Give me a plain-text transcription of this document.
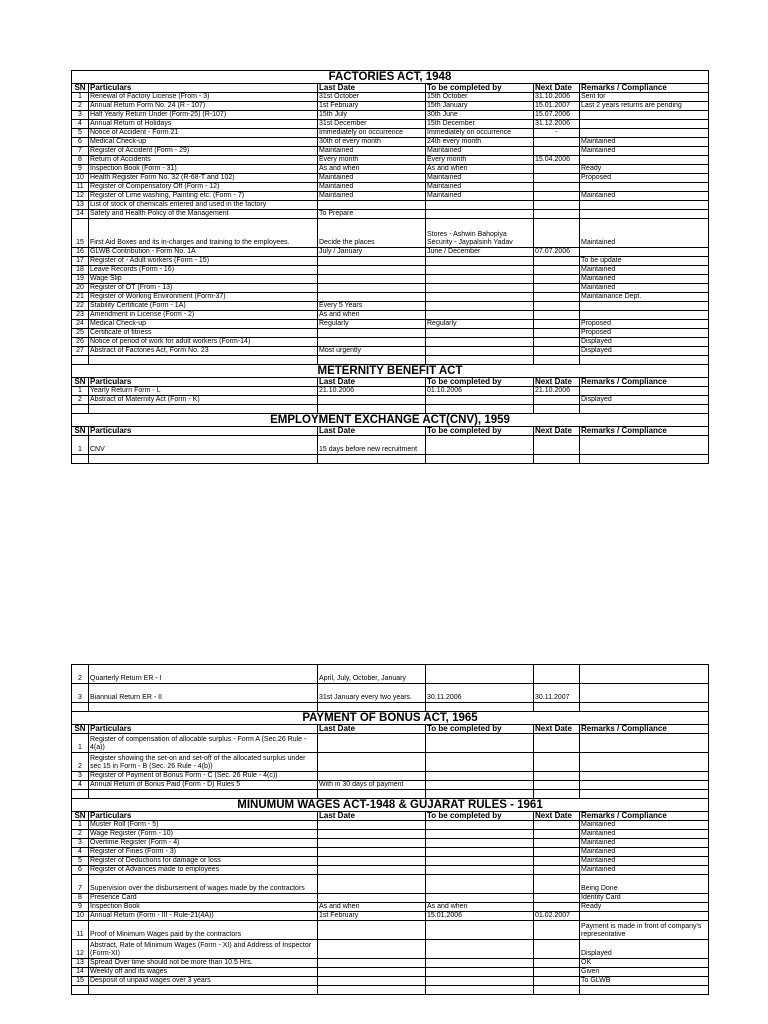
FACTORIES ACT, 1948					
SN	Particulars	Last Date	To be completed by	Next Date	Remarks / Compliance
1	Renewal of Factory License (From - 3)	31st October	15th October	31.10.2006	Sent for
2	Annual Return Form No. 24 (R - 107)	1st February	15th January	15.01.2007	Last 2 years returns are pending
3	Half Yearly Return Under (Form-25) (R-107)	15th July	30th June	15.07.2006	
4	Annual Return of Holidays	31st December	15th December	31.12.2006	
5	Notice of Accident - Form 21	Immediately on occurrence	Immediately on occurrence	-	
6	Medical Check-up	30th of every month	24th every month		Maintained
7	Register of Accident (Form - 29)	Maintained	Maintained		Maintained
8	Return of Accidents	Every month	Every month	15.04.2006	
9	Inspection Book (Form - 31)	As and when	As and when		Ready
10	Health Register Form No. 32 (R-68-T and 102)	Maintained	Maintained		Proposed
11	Register of Compensatory Off (Form - 12)	Maintained	Maintained		
12	Register of Lime washing, Painting etc. (Form - 7)	Maintained	Maintained		Maintained
13	List of stock of chemicals entered and used in the factory				
14	Safety and Health Policy of the Management	To Prepare			
15	First Aid Boxes and its in-charges and training to the employees.	Decide the places	Stores - Ashwin Bahopiya Security - Jaypalsinh Yadav		Maintained
16	GLWB Contribution - Form No. 1A	July / January	June / December	07.07.2006	
17	Register of - Adult workers (Form - 15)				To be update
18	Leave Records (Form - 16)				Maintained
19	Wage Slip				Maintained
20	Register of OT (From - 13)				Maintained
21	Register of Working Environment (Form-37)				Maintainance Dept.
22	Stability Certificate (Form - 1A)	Every 5 Years			
23	Amendment in License (Form - 2)	As and when			
24	Medical Check-up	Regularly	Regularly		Proposed
25	Certificate of fitness				Proposed
26	Notice of period of work for adult workers (Form-14)				Displayed
27	Abstract of Factories Act, Form No. 23	Most urgently			Displayed

METERNITY BENEFIT ACT					
SN	Particulars	Last Date	To be completed by	Next Date	Remarks / Compliance
1	Yearly Return Form - L	21.10.2006	01.10.2006	21.10.2006	
2	Abstract of Maternity Act (Form - K)				Displayed

EMPLOYMENT EXCHANGE ACT(CNV), 1959					
SN	Particulars	Last Date	To be completed by	Next Date	Remarks / Compliance
1	CNV	15 days before new recruitment			

2	Quarterly Return ER - I	April, July, October, January			
3	Biannual Return ER - II	31st January every two years.	30.11.2006	30.11.2007	

PAYMENT OF BONUS ACT, 1965					
SN	Particulars	Last Date	To be completed by	Next Date	Remarks / Compliance
1	Register of compensation of allocable surplus - Form A (Sec.26 Rule - 4(a))				
2	Register showing the set-on and set-off of the allocated surplus under sec 15 in Form - B (Sec. 26 Rule - 4(b))				
3	Register of Payment of Bonus Form - C (Sec. 26 Rule - 4(c))				
4	Annual Return of Bonus Paid (Form - D) Rules 5	With in 30 days of payment			

MINUMUM WAGES ACT-1948 & GUJARAT RULES - 1961					
SN	Particulars	Last Date	To be completed by	Next Date	Remarks / Compliance
1	Muster Roll (Form - 5)				Maintained
2	Wage Register (Form - 10)				Maintained
3	Overtime Register (Form - 4)				Maintained
4	Register of Fines (Form - 3)				Maintained
5	Register of Deductions for damage or loss				Maintained
6	Register of Advances made to employees				Maintained
7	Supervision over the disbursement of wages made by the contractors				Being Done
8	Presence Card				Identity Card
9	Inspection Book	As and when	As and when		Ready
10	Annual Return (Form - III - Rule-21(4A))	1st February	15.01.2006	01.02.2007	
11	Proof of Minimum Wages paid by the contractors				Payment is made in front of company's representative
12	Abstract, Rate of Minimum Wages (Form - XI) and Address of Inspector (Form-XI)				Displayed
13	Spread Over time should not be more than 10.5 Hrs.				OK
14	Weekly off and its wages				Given
15	Desposit of unpaid wages over 3 years				To GLWB
